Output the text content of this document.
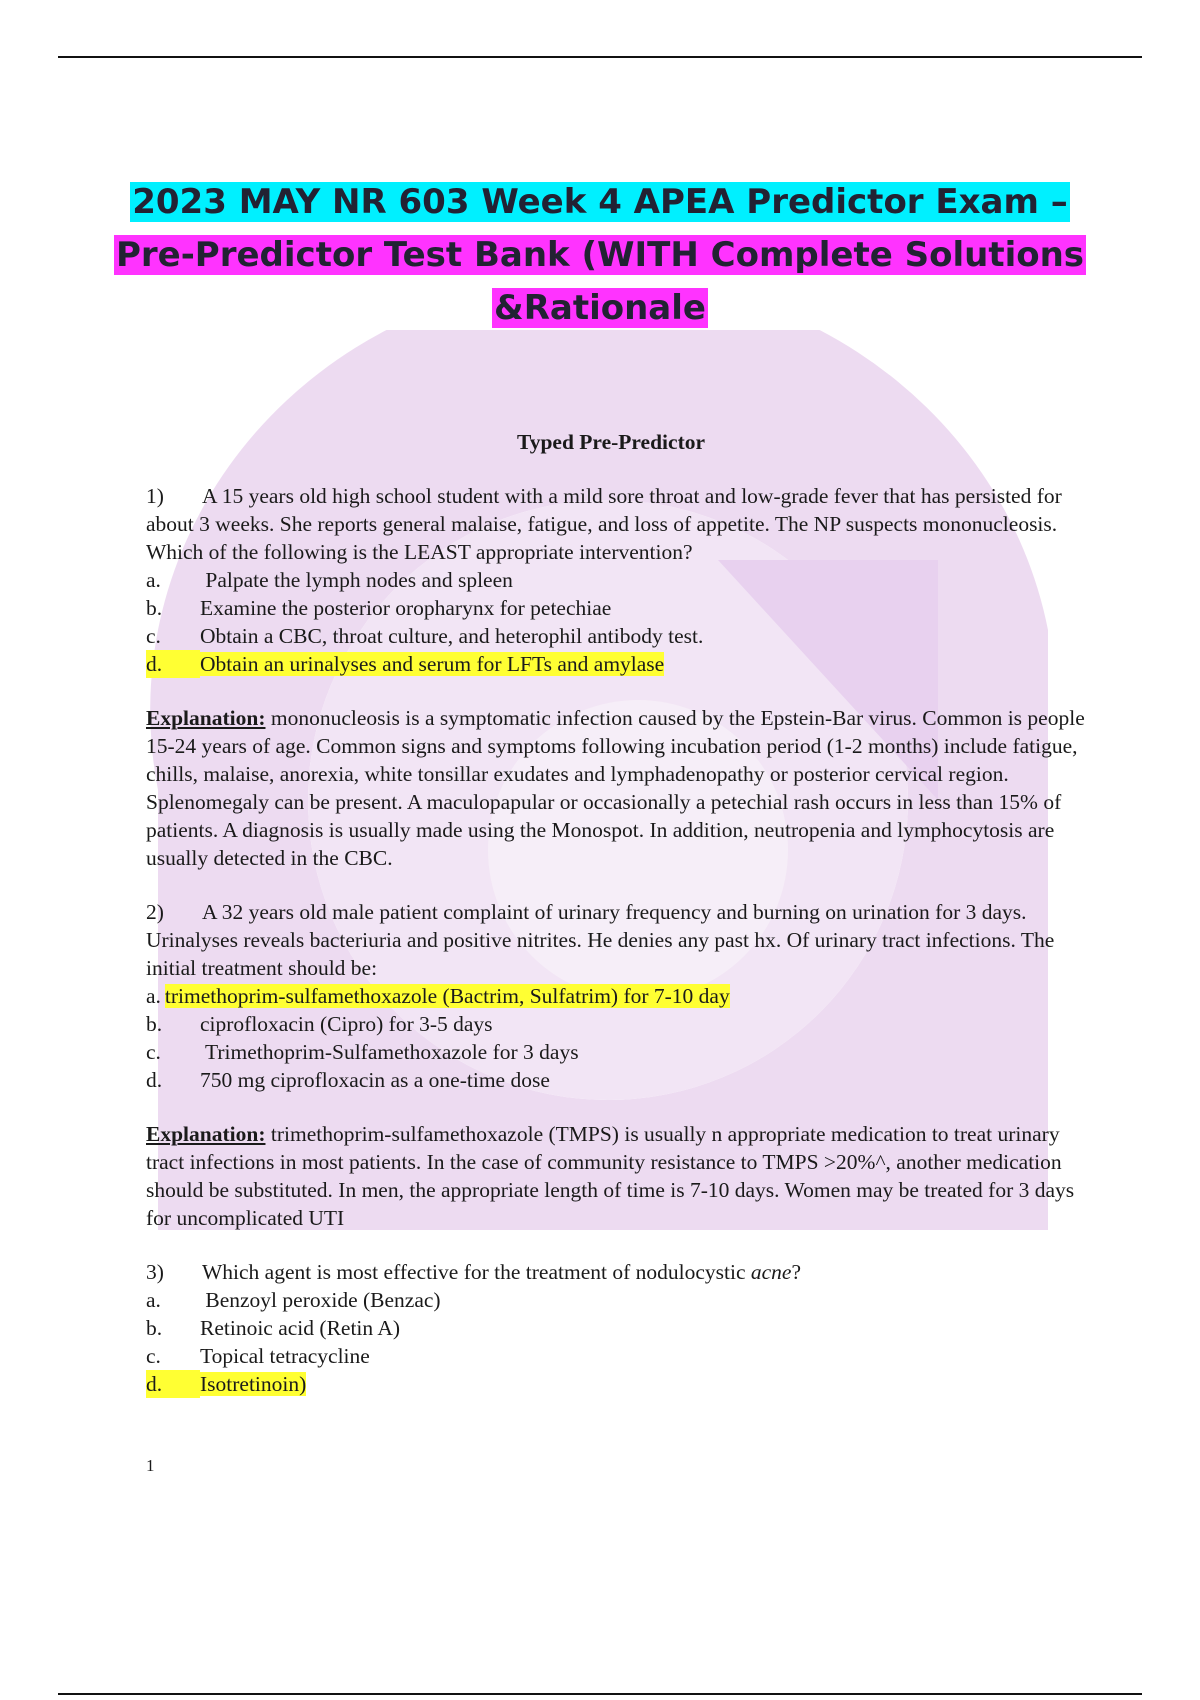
2023 MAY NR 603 Week 4 APEA Predictor Exam –
Pre-Predictor Test Bank (WITH Complete Solutions
&Rationale
Typed Pre-Predictor

1) A 15 years old high school student with a mild sore throat and low-grade fever that has persisted for about 3 weeks. She reports general malaise, fatigue, and loss of appetite. The NP suspects mononucleosis. Which of the following is the LEAST appropriate intervention?

a. Palpate the lymph nodes and spleen

b. Examine the posterior oropharynx for petechiae

c. Obtain a CBC, throat culture, and heterophil antibody test.

d. Obtain an urinalyses and serum for LFTs and amylase

Explanation: mononucleosis is a symptomatic infection caused by the Epstein-Bar virus. Common is people 15-24 years of age. Common signs and symptoms following incubation period (1-2 months) include fatigue, chills, malaise, anorexia, white tonsillar exudates and lymphadenopathy or posterior cervical region. Splenomegaly can be present. A maculopapular or occasionally a petechial rash occurs in less than 15% of patients. A diagnosis is usually made using the Monospot. In addition, neutropenia and lymphocytosis are usually detected in the CBC.

2) A 32 years old male patient complaint of urinary frequency and burning on urination for 3 days. Urinalyses reveals bacteriuria and positive nitrites. He denies any past hx. Of urinary tract infections. The initial treatment should be:

a. trimethoprim-sulfamethoxazole (Bactrim, Sulfatrim) for 7-10 day

b. ciprofloxacin (Cipro) for 3-5 days

c. Trimethoprim-Sulfamethoxazole for 3 days

d. 750 mg ciprofloxacin as a one-time dose

Explanation: trimethoprim-sulfamethoxazole (TMPS) is usually n appropriate medication to treat urinary tract infections in most patients. In the case of community resistance to TMPS >20%^, another medication should be substituted. In men, the appropriate length of time is 7-10 days. Women may be treated for 3 days for uncomplicated UTI

3) Which agent is most effective for the treatment of nodulocystic acne?

a. Benzoyl peroxide (Benzac)

b. Retinoic acid (Retin A)

c. Topical tetracycline

d. Isotretinoin)

1
